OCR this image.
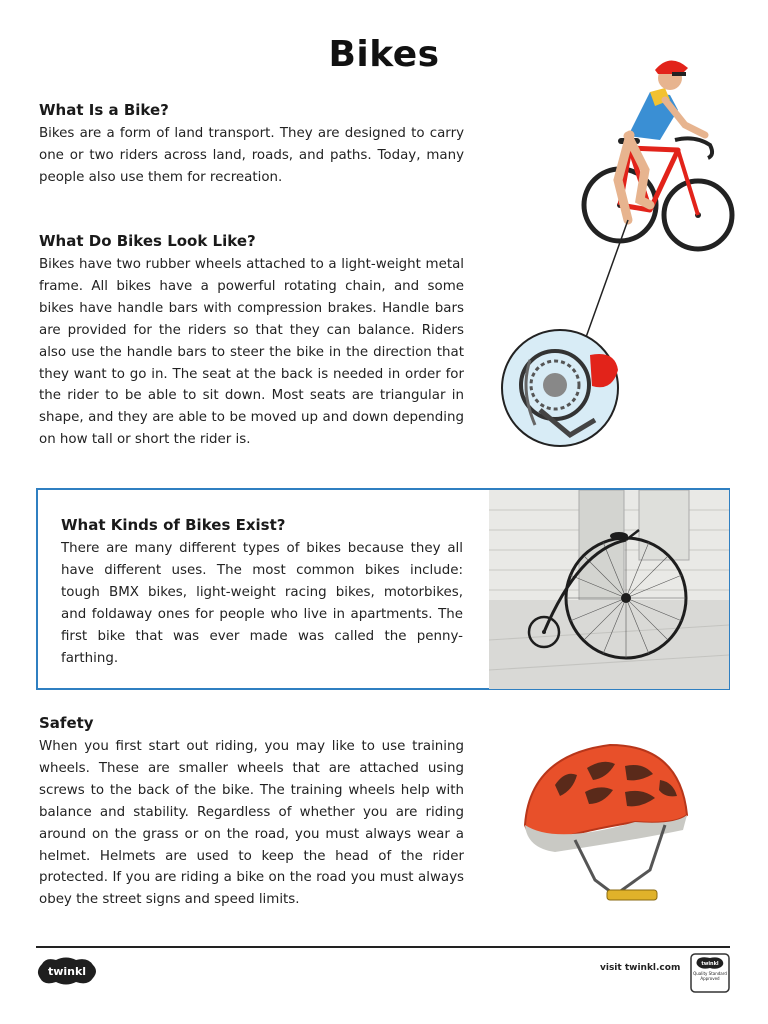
Bikes
What Is a Bike?

Bikes are a form of land transport. They are designed to carry one or two riders across land, roads, and paths. Today, many people also use them for recreation.

What Do Bikes Look Like?

Bikes have two rubber wheels attached to a light-weight metal frame. All bikes have a powerful rotating chain, and some bikes have handle bars with compression brakes. Handle bars are provided for the riders so that they can balance. Riders also use the handle bars to steer the bike in the direction that they want to go in. The seat at the back is needed in order for the rider to be able to sit down. Most seats are triangular in shape, and they are able to be moved up and down depending on how tall or short the rider is.

What Kinds of Bikes Exist?

There are many different types of bikes because they all have different uses. The most common bikes include: tough BMX bikes, light-weight racing bikes, motorbikes, and foldaway ones for people who live in apartments. The first bike that was ever made was called the penny-farthing.

Safety

When you first start out riding, you may like to use training wheels. These are smaller wheels that are attached using screws to the back of the bike. The training wheels help with balance and stability. Regardless of whether you are riding around on the grass or on the road, you must always wear a helmet. Helmets are used to keep the head of the rider protected. If you are riding a bike on the road you must always obey the street signs and speed limits.

twinkl	visit twinkl.com	twinkl
Quality Standard Approved
